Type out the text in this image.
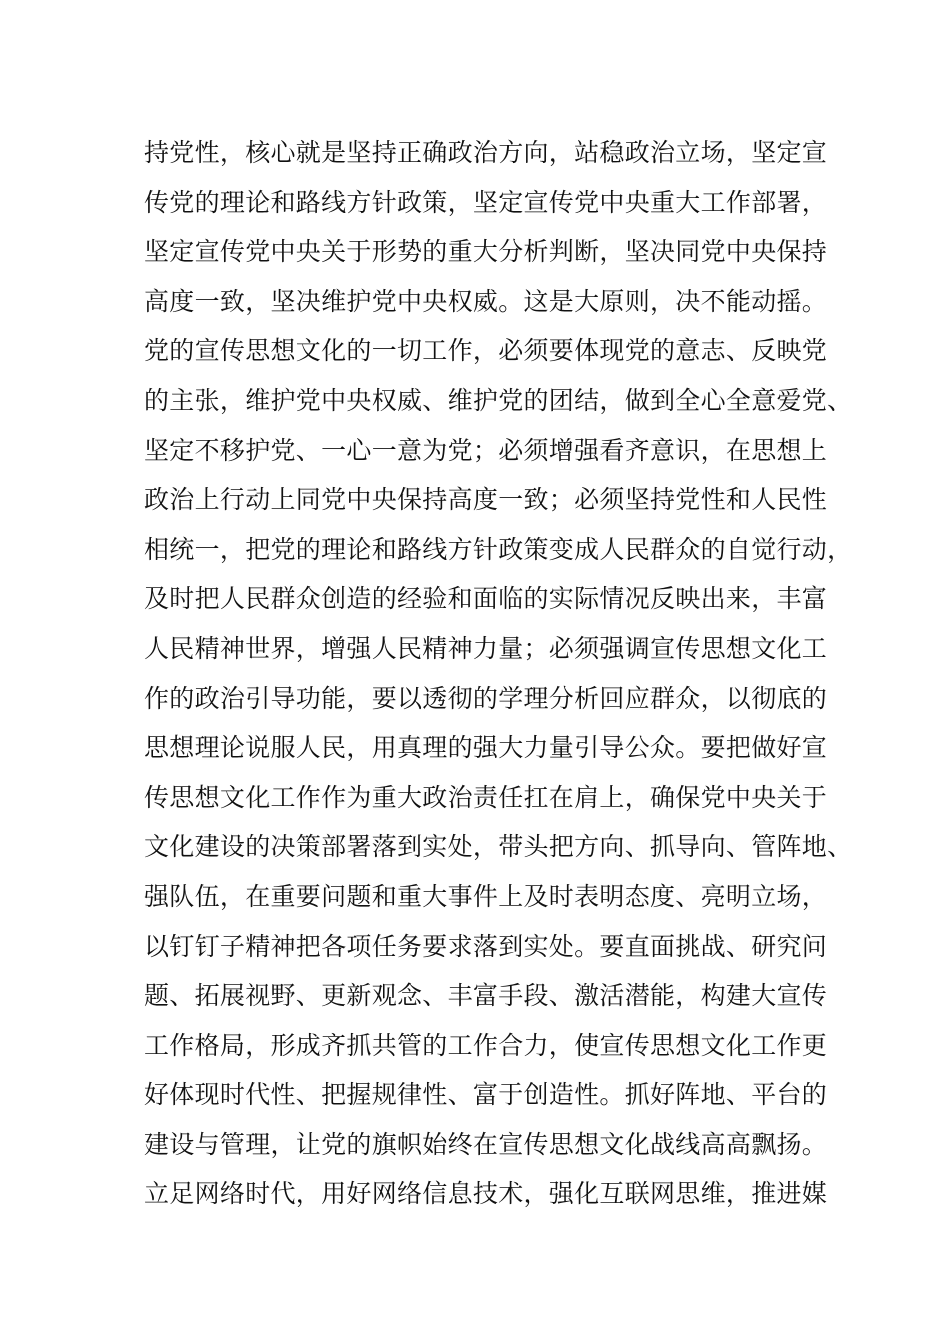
持党性，核心就是坚持正确政治方向，站稳政治立场，坚定宣
传党的理论和路线方针政策，坚定宣传党中央重大工作部署，
坚定宣传党中央关于形势的重大分析判断，坚决同党中央保持
高度一致，坚决维护党中央权威。这是大原则，决不能动摇。
党的宣传思想文化的一切工作，必须要体现党的意志、反映党
的主张，维护党中央权威、维护党的团结，做到全心全意爱党、
坚定不移护党、一心一意为党；必须增强看齐意识，在思想上
政治上行动上同党中央保持高度一致；必须坚持党性和人民性
相统一，把党的理论和路线方针政策变成人民群众的自觉行动，
及时把人民群众创造的经验和面临的实际情况反映出来，丰富
人民精神世界，增强人民精神力量；必须强调宣传思想文化工
作的政治引导功能，要以透彻的学理分析回应群众，以彻底的
思想理论说服人民，用真理的强大力量引导公众。要把做好宣
传思想文化工作作为重大政治责任扛在肩上，确保党中央关于
文化建设的决策部署落到实处，带头把方向、抓导向、管阵地、
强队伍，在重要问题和重大事件上及时表明态度、亮明立场，
以钉钉子精神把各项任务要求落到实处。要直面挑战、研究问
题、拓展视野、更新观念、丰富手段、激活潜能，构建大宣传
工作格局，形成齐抓共管的工作合力，使宣传思想文化工作更
好体现时代性、把握规律性、富于创造性。抓好阵地、平台的
建设与管理，让党的旗帜始终在宣传思想文化战线高高飘扬。
立足网络时代，用好网络信息技术，强化互联网思维，推进媒
